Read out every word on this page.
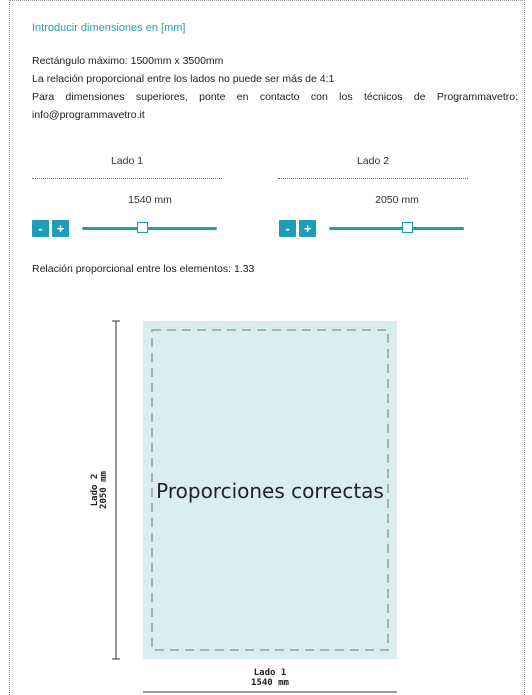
Introducir dimensiones en [mm]

Rectángulo máximo: 1500mm x 3500mm

La relación proporcional entre los lados no puede ser más de 4:1

Para dimensiones superiores, ponte en contacto con los técnicos de Programmavetro:

info@programmavetro.it

Lado 1
1540 mm
-	+
Lado 2
2050 mm
-	+
Relación proporcional entre los elementos: 1.33
Proporciones correctas
Lado 2 2050 mm
Lado 1
1540 mm
